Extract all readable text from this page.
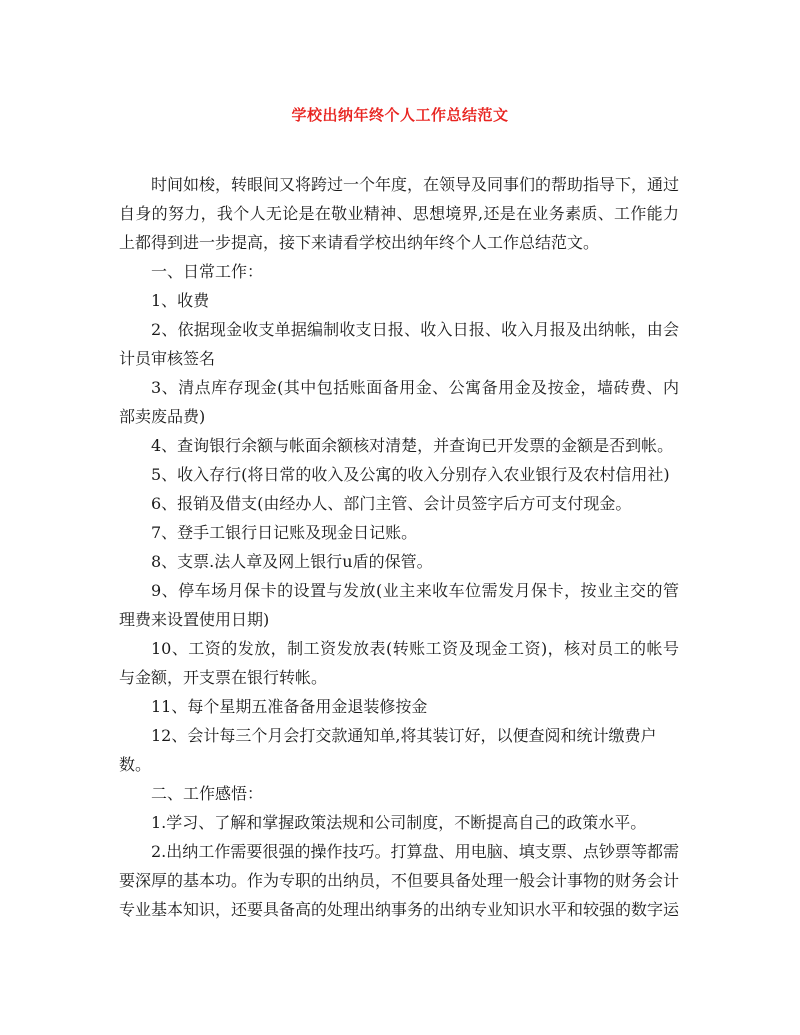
学校出纳年终个人工作总结范文

时间如梭，转眼间又将跨过一个年度，在领导及同事们的帮助指导下，通过自身的努力，我个人无论是在敬业精神、思想境界,还是在业务素质、工作能力上都得到进一步提高，接下来请看学校出纳年终个人工作总结范文。

一、日常工作：

1、收费

2、依据现金收支单据编制收支日报、收入日报、收入月报及出纳帐，由会计员审核签名

3、清点库存现金(其中包括账面备用金、公寓备用金及按金，墙砖费、内部卖废品费)

4、查询银行余额与帐面余额核对清楚，并查询已开发票的金额是否到帐。

5、收入存行(将日常的收入及公寓的收入分别存入农业银行及农村信用社)

6、报销及借支(由经办人、部门主管、会计员签字后方可支付现金。

7、登手工银行日记账及现金日记账。

8、支票.法人章及网上银行u盾的保管。

9、停车场月保卡的设置与发放(业主来收车位需发月保卡，按业主交的管理费来设置使用日期)

10、工资的发放，制工资发放表(转账工资及现金工资)，核对员工的帐号与金额，开支票在银行转帐。

11、每个星期五准备备用金退装修按金

12、会计每三个月会打交款通知单,将其装订好，以便查阅和统计缴费户数。

二、工作感悟：

1.学习、了解和掌握政策法规和公司制度，不断提高自己的政策水平。

2.出纳工作需要很强的操作技巧。打算盘、用电脑、填支票、点钞票等都需要深厚的基本功。作为专职的出纳员，不但要具备处理一般会计事物的财务会计专业基本知识，还要具备高的处理出纳事务的出纳专业知识水平和较强的数字运
